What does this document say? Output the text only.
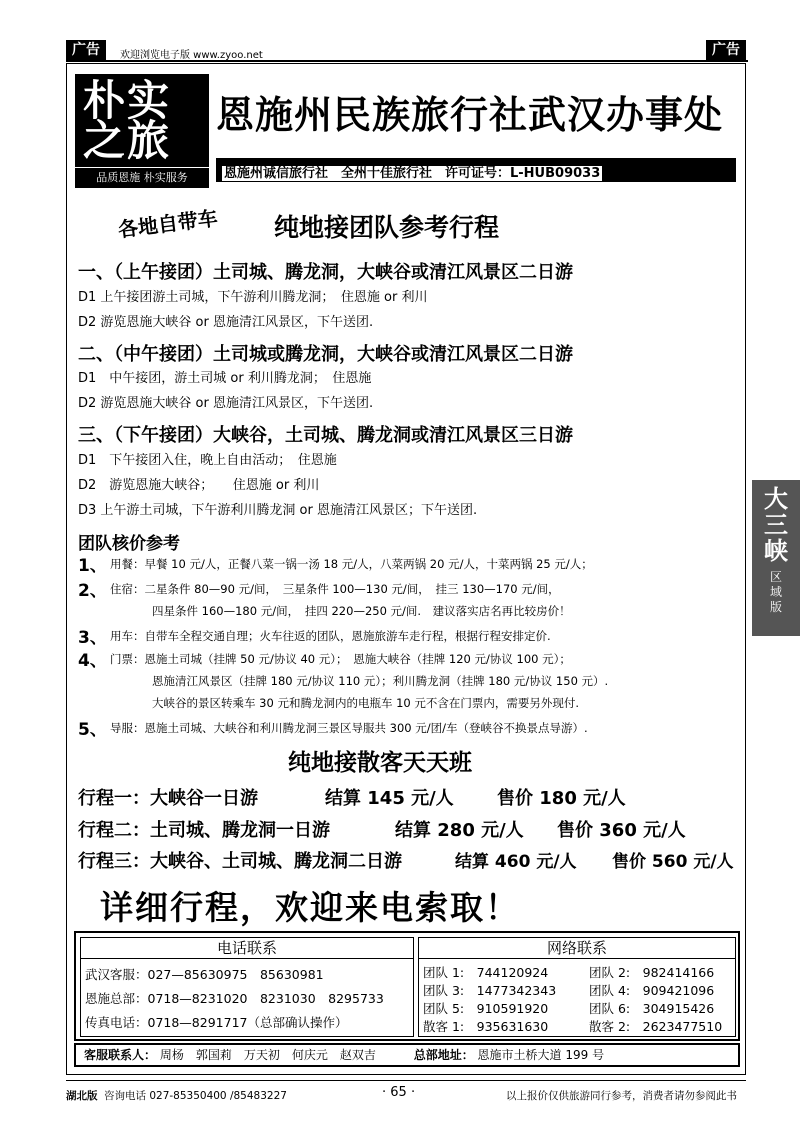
广告	欢迎浏览电子版 www.zyoo.net	广告
朴实
之旅
品质恩施 朴实服务
恩施州民族旅行社武汉办事处
恩施州诚信旅行社　全州十佳旅行社　许可证号：L-HUB09033
各地自带车 纯地接团队参考行程
一、（上午接团）土司城、腾龙洞，大峡谷或清江风景区二日游
D1 上午接团游土司城，下午游利川腾龙洞；　住恩施 or 利川
D2 游览恩施大峡谷 or 恩施清江风景区，下午送团.
二、（中午接团）土司城或腾龙洞，大峡谷或清江风景区二日游
D1　中午接团，游土司城 or 利川腾龙洞；　住恩施
D2 游览恩施大峡谷 or 恩施清江风景区，下午送团.
三、（下午接团）大峡谷，土司城、腾龙洞或清江风景区三日游
D1　下午接团入住，晚上自由活动；　住恩施
D2　游览恩施大峡谷；　　住恩施 or 利川
D3 上午游土司城，下午游利川腾龙洞 or 恩施清江风景区；下午送团.
团队核价参考
1、 用餐：早餐 10 元/人，正餐八菜一锅一汤 18 元/人，八菜两锅 20 元/人，十菜两锅 25 元/人；
2、 住宿：二星条件 80—90 元/间，　三星条件 100—130 元/间，　挂三 130—170 元/间，
四星条件 160—180 元/间，　挂四 220—250 元/间.　建议落实店名再比较房价！
3、 用车：自带车全程交通自理；火车往返的团队，恩施旅游车走行程，根据行程安排定价.
4、 门票：恩施土司城（挂牌 50 元/协议 40 元）；　恩施大峡谷（挂牌 120 元/协议 100 元）；
恩施清江风景区（挂牌 180 元/协议 110 元）；利川腾龙洞（挂牌 180 元/协议 150 元）.
大峡谷的景区转乘车 30 元和腾龙洞内的电瓶车 10 元不含在门票内，需要另外现付.
5、 导服：恩施土司城、大峡谷和利川腾龙洞三景区导服共 300 元/团/车（登峡谷不换景点导游）.
纯地接散客天天班
行程一：大峡谷一日游	结算 145 元/人 售价 180 元/人
行程二：土司城、腾龙洞一日游	结算 280 元/人 售价 360 元/人
行程三：大峡谷、土司城、腾龙洞二日游	结算 460 元/人 售价 560 元/人
详细行程，欢迎来电索取！
电话联系
武汉客服：027—85630975　85630981
恩施总部：0718—8231020　8231030　8295733
传真电话：0718—8291717（总部确认操作）
网络联系
团队 1:　744120924	团队 2:　982414166
团队 3:　1477342343	团队 4:　909421096
团队 5:　910591920	团队 6:　304915426
散客 1:　935631630	散客 2:　2623477510
客服联系人： 周杨　郭国莉　万天初　何庆元　赵双吉	总部地址： 恩施市土桥大道 199 号
大三峡
区域版
湖北版 咨询电话 027-85350400 /85483227	· 65 ·	以上报价仅供旅游同行参考，消费者请勿参阅此书
